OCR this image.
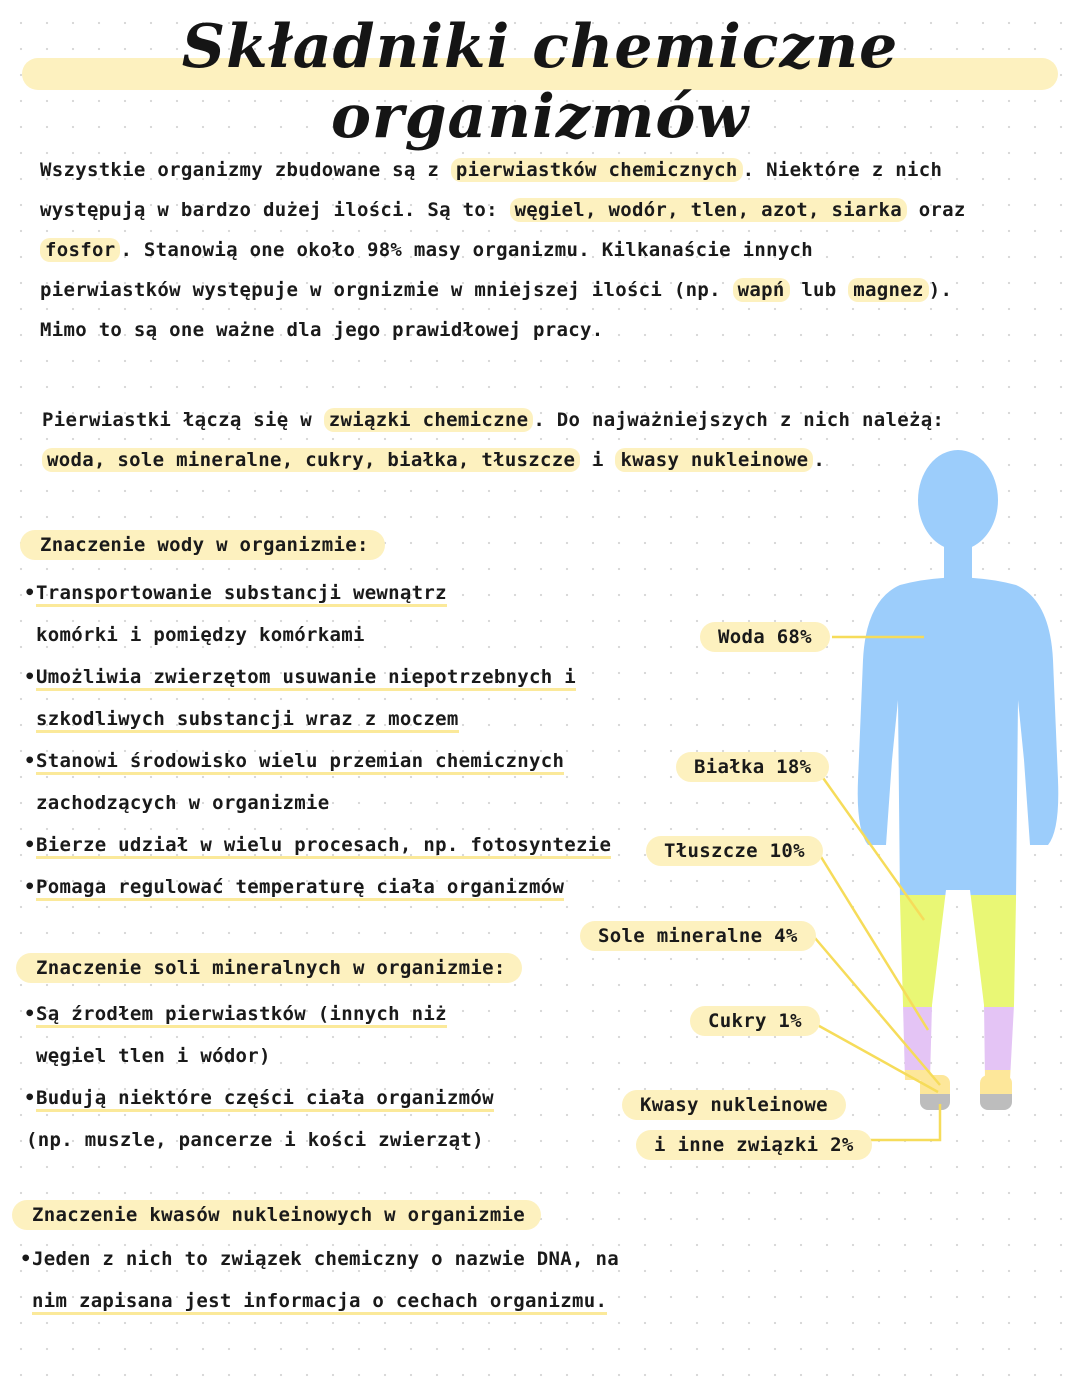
Składniki chemiczne organizmów
Wszystkie organizmy zbudowane są z pierwiastków chemicznych . Niektóre z nich
występują w bardzo dużej ilości. Są to: węgiel, wodór, tlen, azot, siarka oraz
fosfor . Stanowią one około 98% masy organizmu. Kilkanaście innych
pierwiastków występuje w orgnizmie w mniejszej ilości (np. wapń lub magnez ).
Mimo to są one ważne dla jego prawidłowej pracy.
Pierwiastki łączą się w związki chemiczne . Do najważniejszych z nich należą:
woda, sole mineralne, cukry, białka, tłuszcze i kwasy nukleinowe .
Znaczenie wody w organizmie:
• Transportowanie substancji wewnątrz
komórki i pomiędzy komórkami
• Umożliwia zwierzętom usuwanie niepotrzebnych i
szkodliwych substancji wraz z moczem
• Stanowi środowisko wielu przemian chemicznych
zachodzących w organizmie
• Bierze udział w wielu procesach, np. fotosyntezie
• Pomaga regulować temperaturę ciała organizmów
Znaczenie soli mineralnych w organizmie:
• Są źrodłem pierwiastków (innych niż
węgiel tlen i wódor)
• Budują niektóre części ciała organizmów
(np. muszle, pancerze i kości zwierząt)
Znaczenie kwasów nukleinowych w organizmie
• Jeden z nich to związek chemiczny o nazwie DNA, na
nim zapisana jest informacja o cechach organizmu.
Woda 68%
Białka 18%
Tłuszcze 10%
Sole mineralne 4%
Cukry 1%
Kwasy nukleinowe
i inne związki 2%
